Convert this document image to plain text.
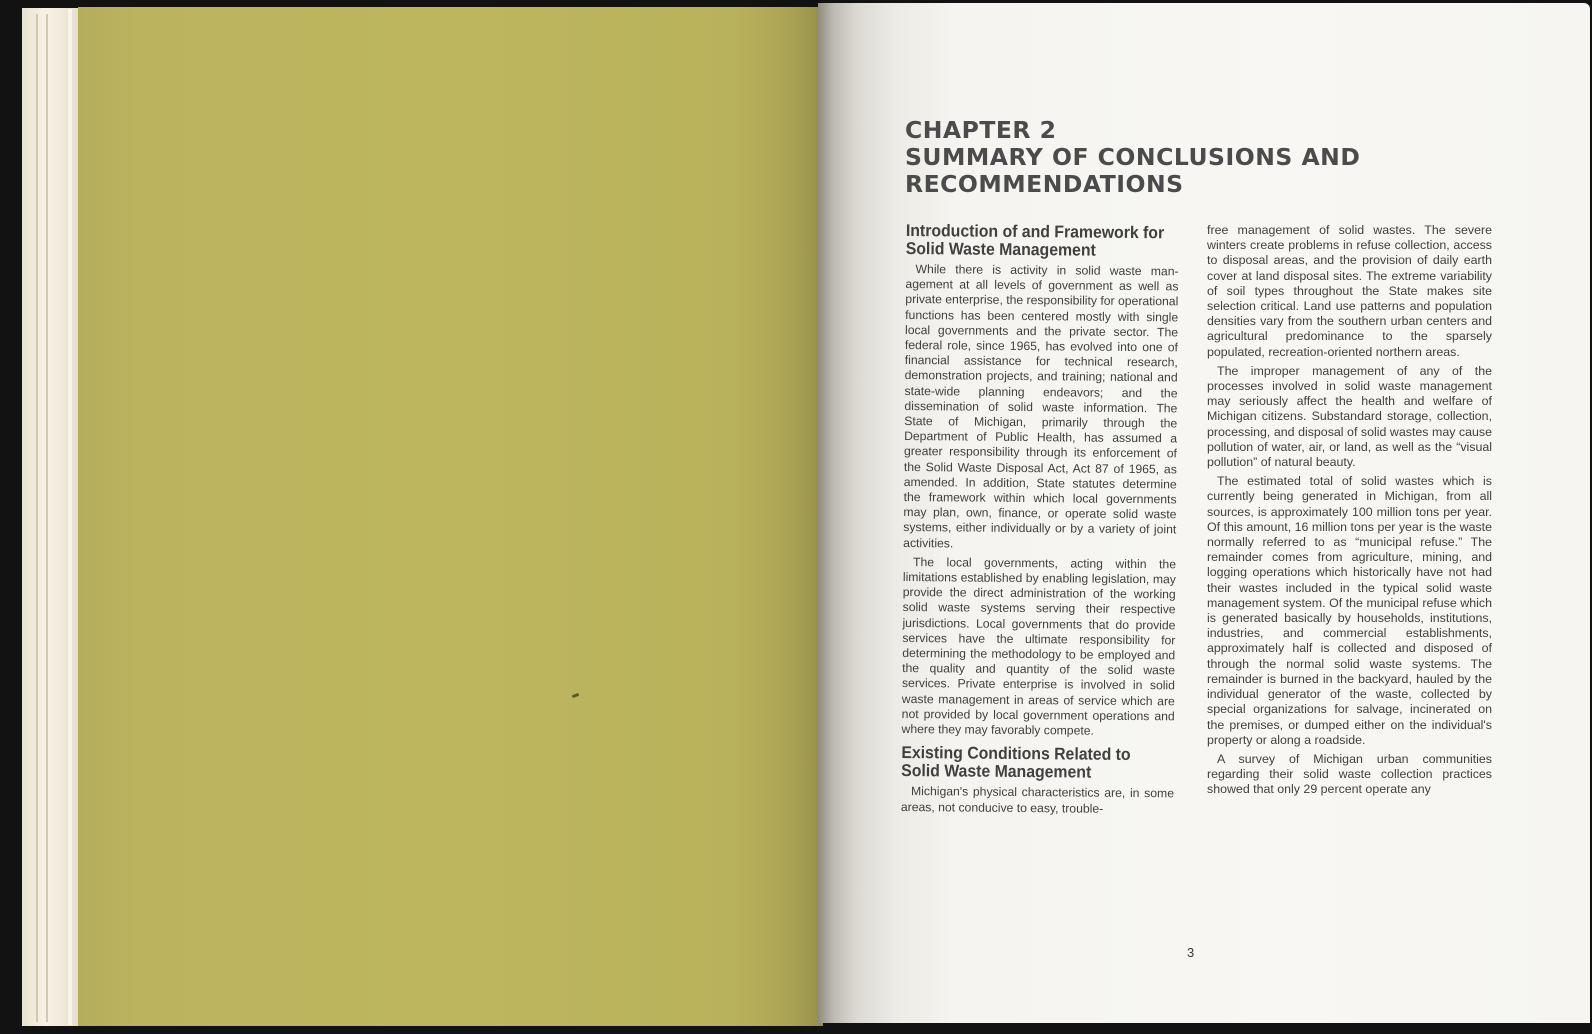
CHAPTER 2
SUMMARY OF CONCLUSIONS AND
RECOMMENDATIONS
Introduction of and Framework for
Solid Waste Management

While there is activity in solid waste management at all levels of government as well as private enterprise, the responsibility for operational functions has been centered mostly with single local governments and the private sector. The federal role, since 1965, has evolved into one of financial assistance for technical research, demonstration projects, and training; national and state-wide planning endeavors; and the dissemination of solid waste information. The State of Michigan, primarily through the Department of Public Health, has assumed a greater responsibility through its enforcement of the Solid Waste Disposal Act, Act 87 of 1965, as amended. In addition, State statutes determine the framework within which local governments may plan, own, finance, or operate solid waste systems, either individually or by a variety of joint activities.

The local governments, acting within the limitations established by enabling legislation, may provide the direct administration of the working solid waste systems serving their respective jurisdictions. Local governments that do provide services have the ultimate responsibility for determining the methodology to be employed and the quality and quantity of the solid waste services. Private enterprise is involved in solid waste management in areas of service which are not provided by local government operations and where they may favorably compete.

Existing Conditions Related to
Solid Waste Management

Michigan's physical characteristics are, in some areas, not conducive to easy, trouble-

free management of solid wastes. The severe winters create problems in refuse collection, access to disposal areas, and the provision of daily earth cover at land disposal sites. The extreme variability of soil types throughout the State makes site selection critical. Land use patterns and population densities vary from the southern urban centers and agricultural predominance to the sparsely populated, recreation-oriented northern areas.

The improper management of any of the processes involved in solid waste management may seriously affect the health and welfare of Michigan citizens. Substandard storage, collection, processing, and disposal of solid wastes may cause pollution of water, air, or land, as well as the “visual pollution” of natural beauty.

The estimated total of solid wastes which is currently being generated in Michigan, from all sources, is approximately 100 million tons per year. Of this amount, 16 million tons per year is the waste normally referred to as “municipal refuse.” The remainder comes from agriculture, mining, and logging operations which historically have not had their wastes included in the typical solid waste management system. Of the municipal refuse which is generated basically by households, institutions, industries, and commercial establishments, approximately half is collected and disposed of through the normal solid waste systems. The remainder is burned in the backyard, hauled by the individual generator of the waste, collected by special organizations for salvage, incinerated on the premises, or dumped either on the individual's property or along a roadside.

A survey of Michigan urban communities regarding their solid waste collection practices showed that only 29 percent operate any

3
